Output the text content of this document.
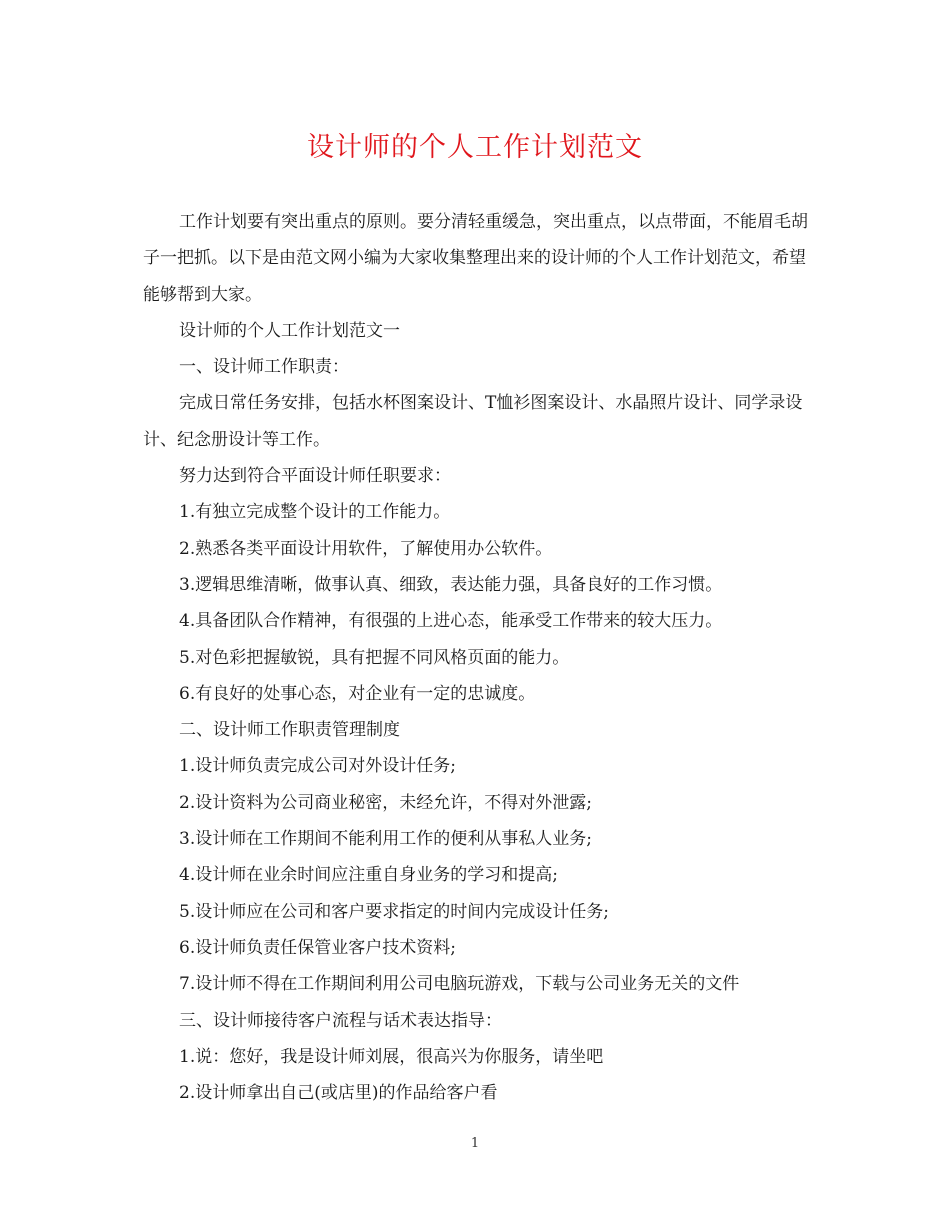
设计师的个人工作计划范文

工作计划要有突出重点的原则。要分清轻重缓急，突出重点，以点带面，不能眉毛胡子一把抓。以下是由范文网小编为大家收集整理出来的设计师的个人工作计划范文，希望能够帮到大家。

设计师的个人工作计划范文一

一、设计师工作职责：

完成日常任务安排，包括水杯图案设计、T恤衫图案设计、水晶照片设计、同学录设计、纪念册设计等工作。

努力达到符合平面设计师任职要求：

1.有独立完成整个设计的工作能力。

2.熟悉各类平面设计用软件，了解使用办公软件。

3.逻辑思维清晰，做事认真、细致，表达能力强，具备良好的工作习惯。

4.具备团队合作精神，有很强的上进心态，能承受工作带来的较大压力。

5.对色彩把握敏锐，具有把握不同风格页面的能力。

6.有良好的处事心态，对企业有一定的忠诚度。

二、设计师工作职责管理制度

1.设计师负责完成公司对外设计任务;

2.设计资料为公司商业秘密，未经允许，不得对外泄露;

3.设计师在工作期间不能利用工作的便利从事私人业务;

4.设计师在业余时间应注重自身业务的学习和提高;

5.设计师应在公司和客户要求指定的时间内完成设计任务;

6.设计师负责任保管业客户技术资料;

7.设计师不得在工作期间利用公司电脑玩游戏，下载与公司业务无关的文件

三、设计师接待客户流程与话术表达指导：

1.说：您好，我是设计师刘展，很高兴为你服务，请坐吧

2.设计师拿出自己(或店里)的作品给客户看

1
